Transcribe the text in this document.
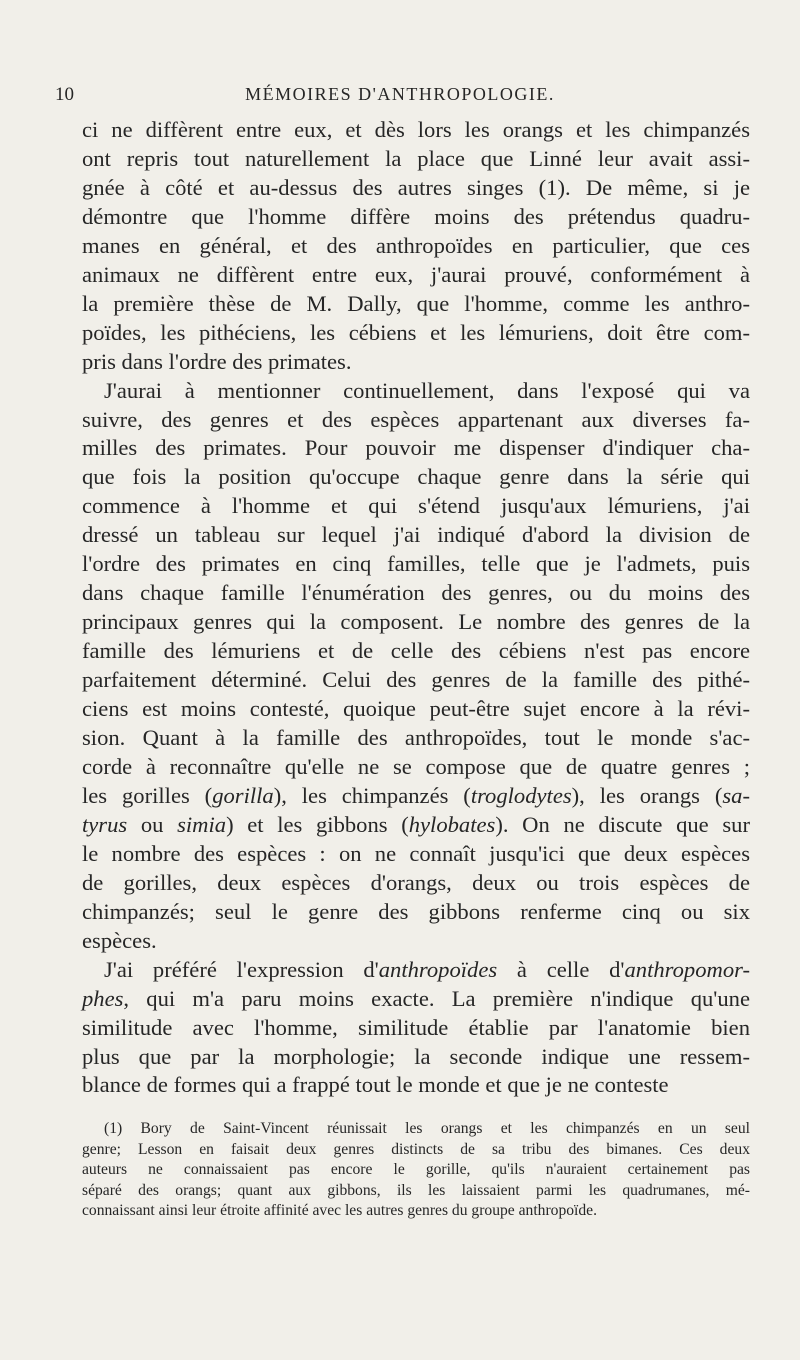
10	MÉMOIRES D'ANTHROPOLOGIE.

ci ne diffèrent entre eux, et dès lors les orangs et les chimpanzés

ont repris tout naturellement la place que Linné leur avait assi-

gnée à côté et au-dessus des autres singes (1). De même, si je

démontre que l'homme diffère moins des prétendus quadru-

manes en général, et des anthropoïdes en particulier, que ces

animaux ne diffèrent entre eux, j'aurai prouvé, conformément à

la première thèse de M. Dally, que l'homme, comme les anthro-

poïdes, les pithéciens, les cébiens et les lémuriens, doit être com-

pris dans l'ordre des primates.

J'aurai à mentionner continuellement, dans l'exposé qui va

suivre, des genres et des espèces appartenant aux diverses fa-

milles des primates. Pour pouvoir me dispenser d'indiquer cha-

que fois la position qu'occupe chaque genre dans la série qui

commence à l'homme et qui s'étend jusqu'aux lémuriens, j'ai

dressé un tableau sur lequel j'ai indiqué d'abord la division de

l'ordre des primates en cinq familles, telle que je l'admets, puis

dans chaque famille l'énumération des genres, ou du moins des

principaux genres qui la composent. Le nombre des genres de la

famille des lémuriens et de celle des cébiens n'est pas encore

parfaitement déterminé. Celui des genres de la famille des pithé-

ciens est moins contesté, quoique peut-être sujet encore à la révi-

sion. Quant à la famille des anthropoïdes, tout le monde s'ac-

corde à reconnaître qu'elle ne se compose que de quatre genres ;

les gorilles (gorilla), les chimpanzés (troglodytes), les orangs (sa-

tyrus ou simia) et les gibbons (hylobates). On ne discute que sur

le nombre des espèces : on ne connaît jusqu'ici que deux espèces

de gorilles, deux espèces d'orangs, deux ou trois espèces de

chimpanzés; seul le genre des gibbons renferme cinq ou six

espèces.

J'ai préféré l'expression d'anthropoïdes à celle d'anthropomor-

phes, qui m'a paru moins exacte. La première n'indique qu'une

similitude avec l'homme, similitude établie par l'anatomie bien

plus que par la morphologie; la seconde indique une ressem-

blance de formes qui a frappé tout le monde et que je ne conteste

(1) Bory de Saint-Vincent réunissait les orangs et les chimpanzés en un seul

genre; Lesson en faisait deux genres distincts de sa tribu des bimanes. Ces deux

auteurs ne connaissaient pas encore le gorille, qu'ils n'auraient certainement pas

séparé des orangs; quant aux gibbons, ils les laissaient parmi les quadrumanes, mé-

connaissant ainsi leur étroite affinité avec les autres genres du groupe anthropoïde.
